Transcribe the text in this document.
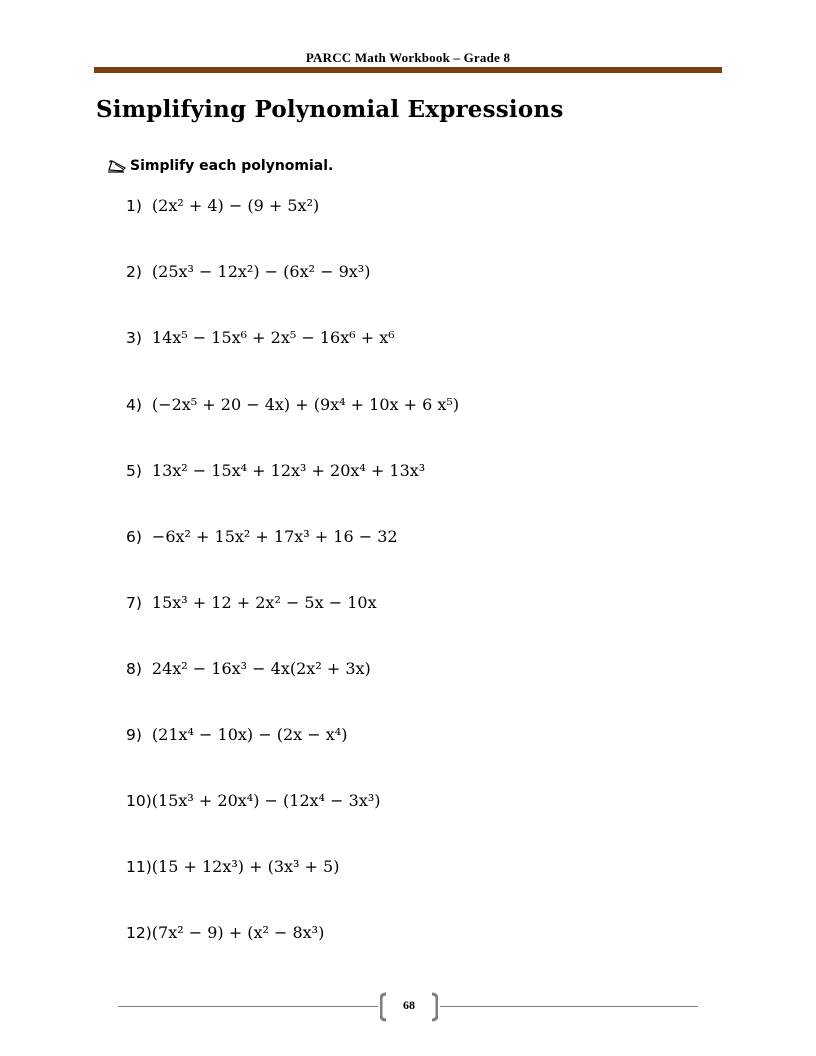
PARCC Math Workbook – Grade 8
Simplifying Polynomial Expressions
Simplify each polynomial.
1) (2x² + 4) − (9 + 5x²)
2) (25x³ − 12x²) − (6x² − 9x³)
3) 14x⁵ − 15x⁶ + 2x⁵ − 16x⁶ + x⁶
4) (−2x⁵ + 20 − 4x) + (9x⁴ + 10x + 6 x⁵)
5) 13x² − 15x⁴ + 12x³ + 20x⁴ + 13x³
6) −6x² + 15x² + 17x³ + 16 − 32
7) 15x³ + 12 + 2x² − 5x − 10x
8) 24x² − 16x³ − 4x(2x² + 3x)
9) (21x⁴ − 10x) − (2x − x⁴)
10)(15x³ + 20x⁴) − (12x⁴ − 3x³)
11)(15 + 12x³) + (3x³ + 5)
12)(7x² − 9) + (x² − 8x³)
68
